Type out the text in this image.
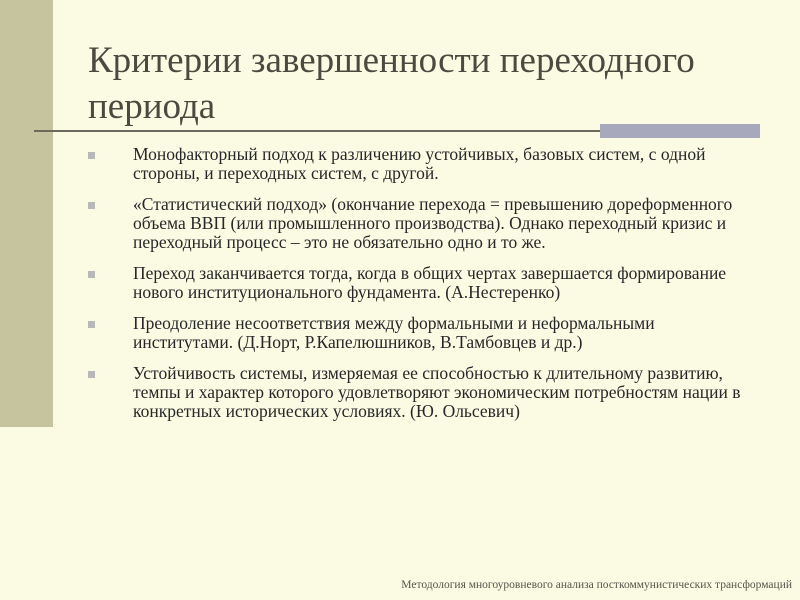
Критерии завершенности переходного периода
Монофакторный подход к различению устойчивых, базовых систем, с одной стороны, и переходных систем, с другой.
«Статистический подход» (окончание перехода = превышению дореформенного объема ВВП (или промышленного производства). Однако переходный кризис и переходный процесс – это не обязательно одно и то же.
Переход заканчивается тогда, когда в общих чертах завершается формирование нового институционального фундамента. (А.Нестеренко)
Преодоление несоответствия между формальными и неформальными институтами. (Д.Норт, Р.Капелюшников, В.Тамбовцев и др.)
Устойчивость системы, измеряемая ее способностью к длительному развитию, темпы и характер которого удовлетворяют экономическим потребностям нации в конкретных исторических условиях. (Ю. Ольсевич)
Методология многоуровневого анализа посткоммунистических трансформаций
